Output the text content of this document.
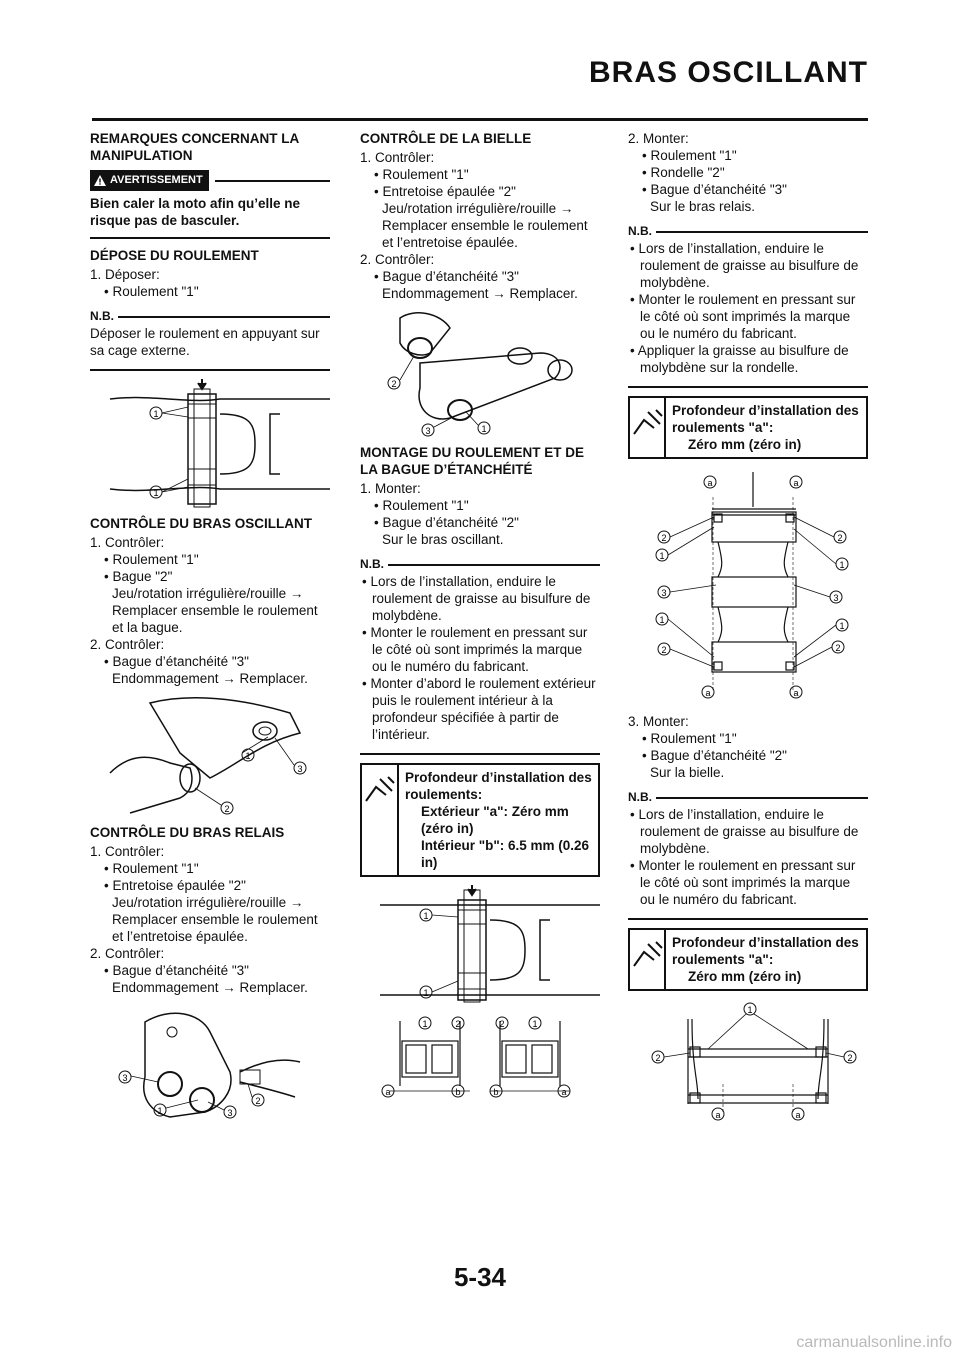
BRAS OSCILLANT
REMARQUES CONCERNANT LA MANIPULATION
AVERTISSEMENT

Bien caler la moto afin qu’elle ne risque pas de basculer.

DÉPOSE DU ROULEMENT

1. Déposer:

• Roulement "1"

N.B.

Déposer le roulement en appuyant sur sa cage externe.

1
1
CONTRÔLE DU BRAS OSCILLANT

1. Contrôler:

• Roulement "1"

• Bague "2"

Jeu/rotation irrégulière/rouille → Remplacer ensemble le roulement et la bague.

2. Contrôler:

• Bague d’étanchéité "3"

Endommagement → Remplacer.

1
3
2
CONTRÔLE DU BRAS RELAIS

1. Contrôler:

• Roulement "1"

• Entretoise épaulée "2"

Jeu/rotation irrégulière/rouille → Remplacer ensemble le roulement et l’entretoise épaulée.

2. Contrôler:

• Bague d’étanchéité "3"

Endommagement → Remplacer.

3
1	3
2
CONTRÔLE DE LA BIELLE

1. Contrôler:

• Roulement "1"

• Entretoise épaulée "2"

Jeu/rotation irrégulière/rouille → Remplacer ensemble le roulement et l’entretoise épaulée.

2. Contrôler:

• Bague d’étanchéité "3"

Endommagement → Remplacer.

2
3	1
MONTAGE DU ROULEMENT ET DE LA BAGUE D’ÉTANCHÉITÉ

1. Monter:

• Roulement "1"

• Bague d’étanchéité "2"

Sur le bras oscillant.

N.B.

• Lors de l’installation, enduire le roulement de graisse au bisulfure de molybdène.

• Monter le roulement en pressant sur le côté où sont imprimés la marque ou le numéro du fabricant.

• Monter d’abord le roulement extérieur puis le roulement intérieur à la profondeur spécifiée à partir de l’intérieur.

Profondeur d’installation des roulements:

Extérieur "a": Zéro mm (zéro in)

Intérieur "b": 6.5 mm (0.26 in)

1
1
1	2	2	1
a	b	b	a

2. Monter:

• Roulement "1"

• Rondelle "2"

• Bague d’étanchéité "3"

Sur le bras relais.

N.B.

• Lors de l’installation, enduire le roulement de graisse au bisulfure de molybdène.

• Monter le roulement en pressant sur le côté où sont imprimés la marque ou le numéro du fabricant.

• Appliquer la graisse au bisulfure de molybdène sur la rondelle.

Profondeur d’installation des roulements "a":

Zéro mm (zéro in)

a	a
2	2
1
1
3	3
1
1
2	2
a	a

3. Monter:

• Roulement "1"

• Bague d’étanchéité "2"

Sur la bielle.

N.B.

• Lors de l’installation, enduire le roulement de graisse au bisulfure de molybdène.

• Monter le roulement en pressant sur le côté où sont imprimés la marque ou le numéro du fabricant.

Profondeur d’installation des roulements "a":

Zéro mm (zéro in)

1
2	2
a	a
5-34
carmanualsonline.info
